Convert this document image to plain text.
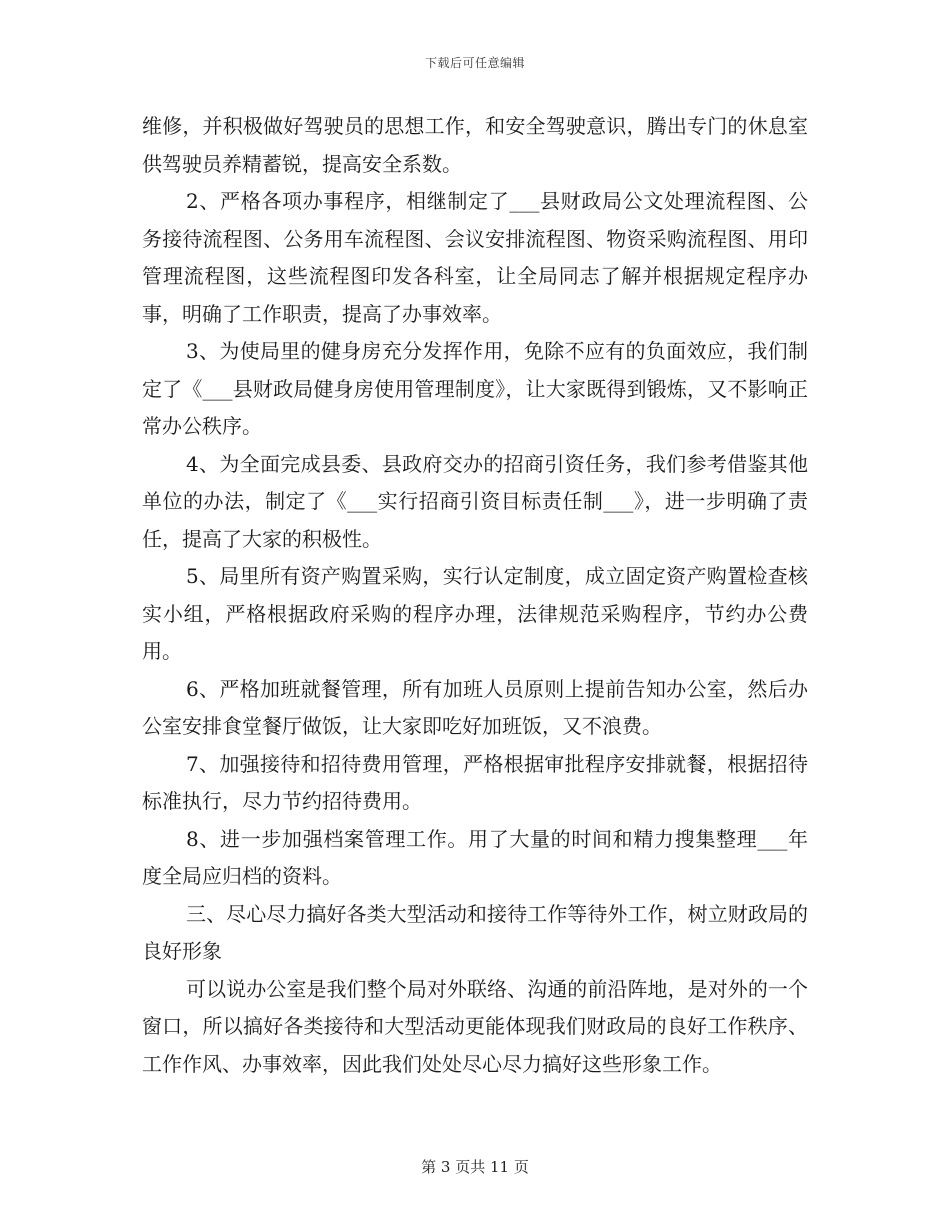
下载后可任意编辑

维修，并积极做好驾驶员的思想工作，和安全驾驶意识，腾出专门的休息室供驾驶员养精蓄锐，提高安全系数。

2、严格各项办事程序，相继制定了___县财政局公文处理流程图、公务接待流程图、公务用车流程图、会议安排流程图、物资采购流程图、用印管理流程图，这些流程图印发各科室，让全局同志了解并根据规定程序办事，明确了工作职责，提高了办事效率。

3、为使局里的健身房充分发挥作用，免除不应有的负面效应，我们制定了《___县财政局健身房使用管理制度》，让大家既得到锻炼，又不影响正常办公秩序。

4、为全面完成县委、县政府交办的招商引资任务，我们参考借鉴其他单位的办法，制定了《___实行招商引资目标责任制___》，进一步明确了责任，提高了大家的积极性。

5、局里所有资产购置采购，实行认定制度，成立固定资产购置检查核实小组，严格根据政府采购的程序办理，法律规范采购程序，节约办公费用。

6、严格加班就餐管理，所有加班人员原则上提前告知办公室，然后办公室安排食堂餐厅做饭，让大家即吃好加班饭，又不浪费。

7、加强接待和招待费用管理，严格根据审批程序安排就餐，根据招待标准执行，尽力节约招待费用。

8、进一步加强档案管理工作。用了大量的时间和精力搜集整理___年度全局应归档的资料。

三、尽心尽力搞好各类大型活动和接待工作等待外工作，树立财政局的良好形象

可以说办公室是我们整个局对外联络、沟通的前沿阵地，是对外的一个窗口，所以搞好各类接待和大型活动更能体现我们财政局的良好工作秩序、工作作风、办事效率，因此我们处处尽心尽力搞好这些形象工作。

第 3 页共 11 页
